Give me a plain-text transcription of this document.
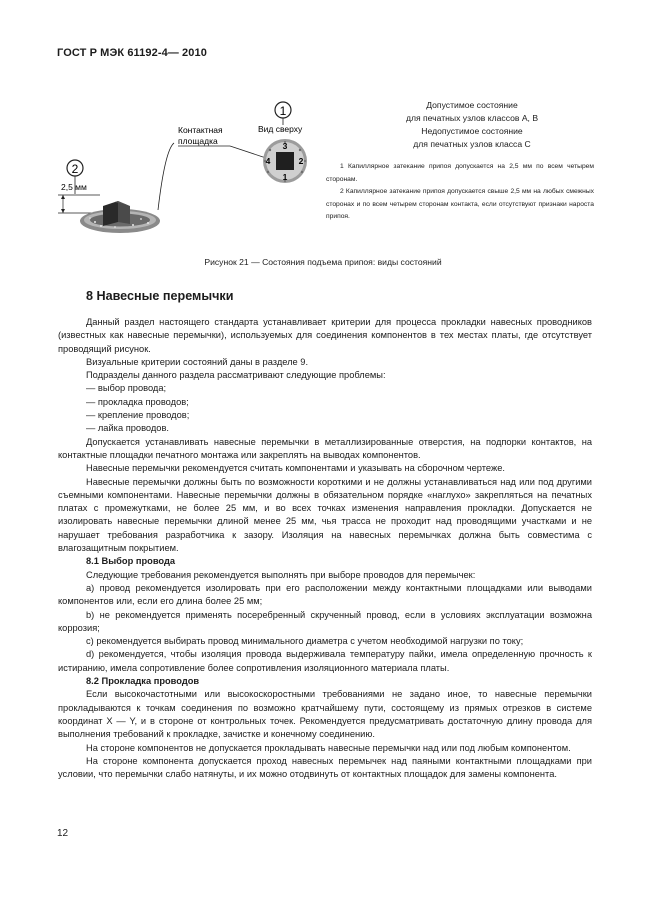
ГОСТ Р МЭК 61192-4— 2010
2
2,5 мм
Контактная
площадка
1
Вид сверху
3
4	2
1
Допустимое состояние
для печатных узлов классов А, В
Недопустимое состояние
для печатных узлов класса С

1 Капиллярное затекание припоя допускается на 2,5 мм по всем четырем сторонам.

2 Капиллярное затекание припоя допускается свыше 2,5 мм на любых смежных сторонах и по всем четырем сторонам контакта, если отсутствуют признаки нароста припоя.

Рисунок 21 — Состояния подъема припоя: виды состояний
8 Навесные перемычки

Данный раздел настоящего стандарта устанавливает критерии для процесса прокладки навесных проводников (известных как навесные перемычки), используемых для соединения компонентов в тех местах платы, где отсутствует проводящий рисунок.

Визуальные критерии состояний даны в разделе 9.

Подразделы данного раздела рассматривают следующие проблемы:

— выбор провода;

— прокладка проводов;

— крепление проводов;

— лайка проводов.

Допускается устанавливать навесные перемычки в металлизированные отверстия, на подпорки контактов, на контактные площадки печатного монтажа или закреплять на выводах компонентов.

Навесные перемычки рекомендуется считать компонентами и указывать на сборочном чертеже.

Навесные перемычки должны быть по возможности короткими и не должны устанавливаться над или под другими съемными компонентами. Навесные перемычки должны в обязательном порядке «наглухо» закрепляться на печатных платах с промежутками, не более 25 мм, и во всех точках изменения направления прокладки. Допускается не изолировать навесные перемычки длиной менее 25 мм, чья трасса не проходит над проводящими участками и не нарушает требования разработчика к зазору. Изоляция на навесных перемычках должна быть совместима с влагозащитным покрытием.

8.1 Выбор провода

Следующие требования рекомендуется выполнять при выборе проводов для перемычек:

а) провод рекомендуется изолировать при его расположении между контактными площадками или выводами компонентов или, если его длина более 25 мм;

b) не рекомендуется применять посеребренный скрученный провод, если в условиях эксплуатации возможна коррозия;

c) рекомендуется выбирать провод минимального диаметра с учетом необходимой нагрузки по току;

d) рекомендуется, чтобы изоляция провода выдерживала температуру пайки, имела определенную прочность к истиранию, имела сопротивление более сопротивления изоляционного материала платы.

8.2 Прокладка проводов

Если высокочастотными или высокоскоростными требованиями не задано иное, то навесные перемычки прокладываются к точкам соединения по возможно кратчайшему пути, состоящему из прямых отрезков в системе координат X — Y, и в стороне от контрольных точек. Рекомендуется предусматривать достаточную длину провода для выполнения требований к прокладке, зачистке и конечному соединению.

На стороне компонентов не допускается прокладывать навесные перемычки над или под любым компонентом.

На стороне компонента допускается проход навесных перемычек над паяными контактными площадками при условии, что перемычки слабо натянуты, и их можно отодвинуть от контактных площадок для замены компонента.

12
